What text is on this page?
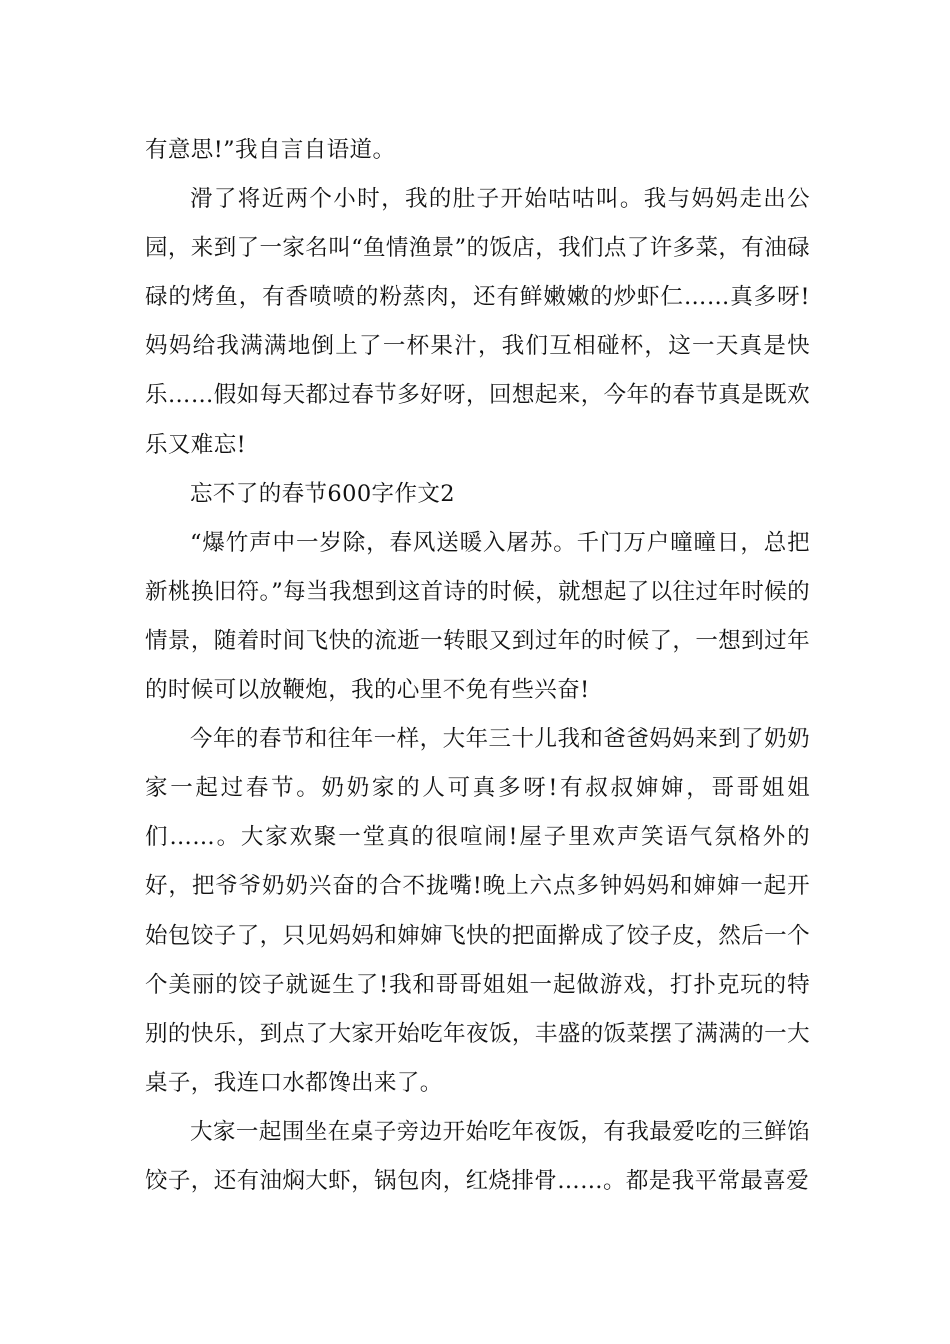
有意思!”我自言自语道。

滑了将近两个小时，我的肚子开始咕咕叫。我与妈妈走出公园，来到了一家名叫“鱼情渔景”的饭店，我们点了许多菜，有油碌碌的烤鱼，有香喷喷的粉蒸肉，还有鲜嫩嫩的炒虾仁……真多呀!妈妈给我满满地倒上了一杯果汁，我们互相碰杯，这一天真是快乐……假如每天都过春节多好呀，回想起来，今年的春节真是既欢乐又难忘!

忘不了的春节600字作文2

“爆竹声中一岁除，春风送暖入屠苏。千门万户曈曈日，总把新桃换旧符。”每当我想到这首诗的时候，就想起了以往过年时候的情景，随着时间飞快的流逝一转眼又到过年的时候了，一想到过年的时候可以放鞭炮，我的心里不免有些兴奋!

今年的春节和往年一样，大年三十儿我和爸爸妈妈来到了奶奶家一起过春节。奶奶家的人可真多呀!有叔叔婶婶，哥哥姐姐们……。大家欢聚一堂真的很喧闹!屋子里欢声笑语气氛格外的好，把爷爷奶奶兴奋的合不拢嘴!晚上六点多钟妈妈和婶婶一起开始包饺子了，只见妈妈和婶婶飞快的把面擀成了饺子皮，然后一个个美丽的饺子就诞生了!我和哥哥姐姐一起做游戏，打扑克玩的特别的快乐，到点了大家开始吃年夜饭，丰盛的饭菜摆了满满的一大桌子，我连口水都馋出来了。

大家一起围坐在桌子旁边开始吃年夜饭，有我最爱吃的三鲜馅饺子，还有油焖大虾，锅包肉，红烧排骨……。都是我平常最喜爱
